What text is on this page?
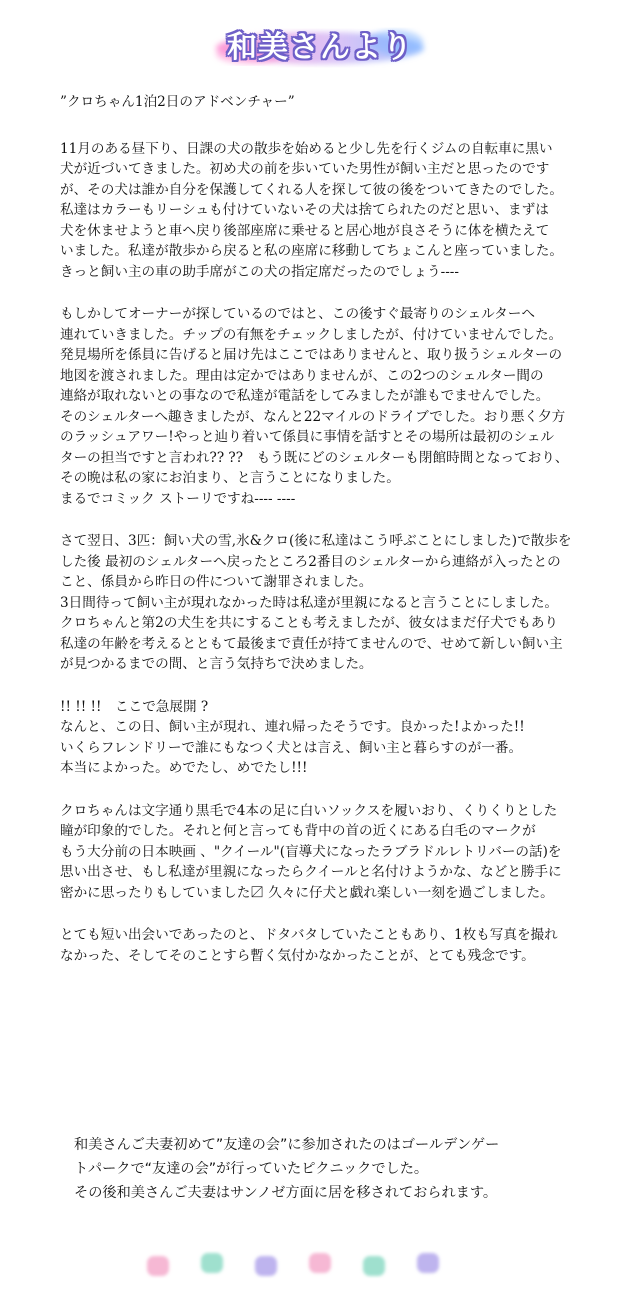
和美さんより
”クロちゃん1泊2日のアドベンチャー”

11月のある昼下り、日課の犬の散歩を始めると少し先を行くジムの自転車に黒い
犬が近づいてきました。初め犬の前を歩いていた男性が飼い主だと思ったのです
が、その犬は誰か自分を保護してくれる人を探して彼の後をついてきたのでした。
私達はカラーもリーシュも付けていないその犬は捨てられたのだと思い、まずは
犬を休ませようと車へ戻り後部座席に乗せると居心地が良さそうに体を横たえて
いました。私達が散歩から戻ると私の座席に移動してちょこんと座っていました。
きっと飼い主の車の助手席がこの犬の指定席だったのでしょう----

もしかしてオーナーが探しているのではと、この後すぐ最寄りのシェルターへ
連れていきました。チップの有無をチェックしましたが、付けていませんでした。
発見場所を係員に告げると届け先はここではありませんと、取り扱うシェルターの
地図を渡されました。理由は定かではありませんが、この2つのシェルター間の
連絡が取れないとの事なので私達が電話をしてみましたが誰もでませんでした。
そのシェルターへ趣きましたが、なんと22マイルのドライブでした。おり悪く夕方
のラッシュアワー!やっと辿り着いて係員に事情を話すとその場所は最初のシェル
ターの担当ですと言われ?? ??　もう既にどのシェルターも閉館時間となっており、
その晩は私の家にお泊まり、と言うことになりました。
まるでコミック ストーリですね---- ----

さて翌日、3匹：飼い犬の雪,氷&クロ(後に私達はこう呼ぶことにしました)で散歩を
した後 最初のシェルターへ戻ったところ2番目のシェルターから連絡が入ったとの
こと、係員から昨日の件について謝罪されました。
3日間待って飼い主が現れなかった時は私達が里親になると言うことにしました。
クロちゃんと第2の犬生を共にすることも考えましたが、彼女はまだ仔犬でもあり
私達の年齢を考えるとともて最後まで責任が持てませんので、せめて新しい飼い主
が見つかるまでの間、と言う気持ちで決めました。

!! !! !!　ここで急展開 ?
なんと、この日、飼い主が現れ、連れ帰ったそうです。良かった!よかった!!
いくらフレンドリーで誰にもなつく犬とは言え、飼い主と暮らすのが一番。
本当によかった。めでたし、めでたし!!!

クロちゃんは文字通り黒毛で4本の足に白いソックスを履いおり、くりくりとした
瞳が印象的でした。それと何と言っても背中の首の近くにある白毛のマークが
もう大分前の日本映画 、"クイール"(盲導犬になったラブラドルレトリバーの話)を
思い出させ、もし私達が里親になったらクイールと名付けようかな、などと勝手に
密かに思ったりもしていました〼 久々に仔犬と戯れ楽しい一刻を過ごしました。

とても短い出会いであったのと、ドタバタしていたこともあり、1枚も写真を撮れ
なかった、そしてそのことすら暫く気付かなかったことが、とても残念です。

和美さんご夫妻初めて”友達の会”に参加されたのはゴールデンゲー
トパークで“友達の会”が行っていたピクニックでした。
その後和美さんご夫妻はサンノゼ方面に居を移されておられます。
